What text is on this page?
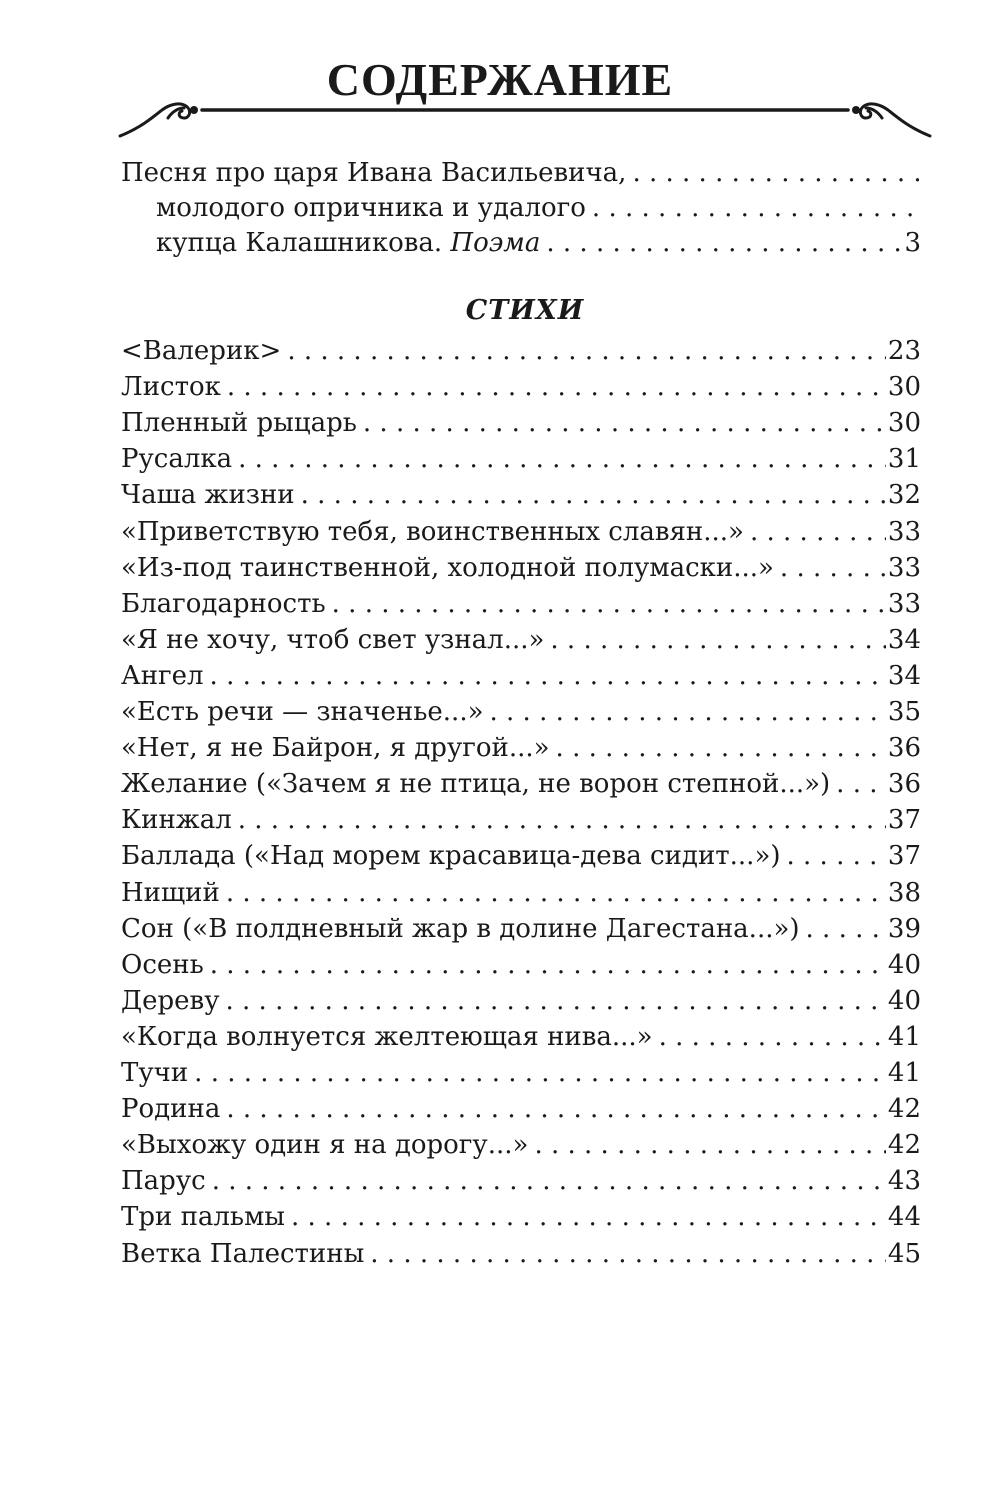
СОДЕРЖАНИЕ
Песня про царя Ивана Васильевича,
. . .
молодого опричника и удалого
. . .
купца Калашникова. Поэма . . .	3
СТИХИ
<Валерик> . . .	23
Листок . . .	30
Пленный рыцарь . . .	30
Русалка . . .	31
Чаша жизни . . .	32
«Приветствую тебя, воинственных славян...» . . .	33
«Из-под таинственной, холодной полумаски...» . . .	33
Благодарность . . .	33
«Я не хочу, чтоб свет узнал...» . . .	34
Ангел . . .	34
«Есть речи — значенье...» . . .	35
«Нет, я не Байрон, я другой...» . . .	36
Желание («Зачем я не птица, не ворон степной...») . . . 36
Кинжал . . .	37
Баллада («Над морем красавица-дева сидит...») . . .	37
Нищий . . .	38
Сон («В полдневный жар в долине Дагестана...») . . .	39
Осень . . .	40
Дереву . . .	40
«Когда волнуется желтеющая нива...» . . .	41
Тучи . . .	41
Родина . . .	42
«Выхожу один я на дорогу...» . . .	42
Парус . . .	43
Три пальмы . . .	44
Ветка Палестины . . .	45
